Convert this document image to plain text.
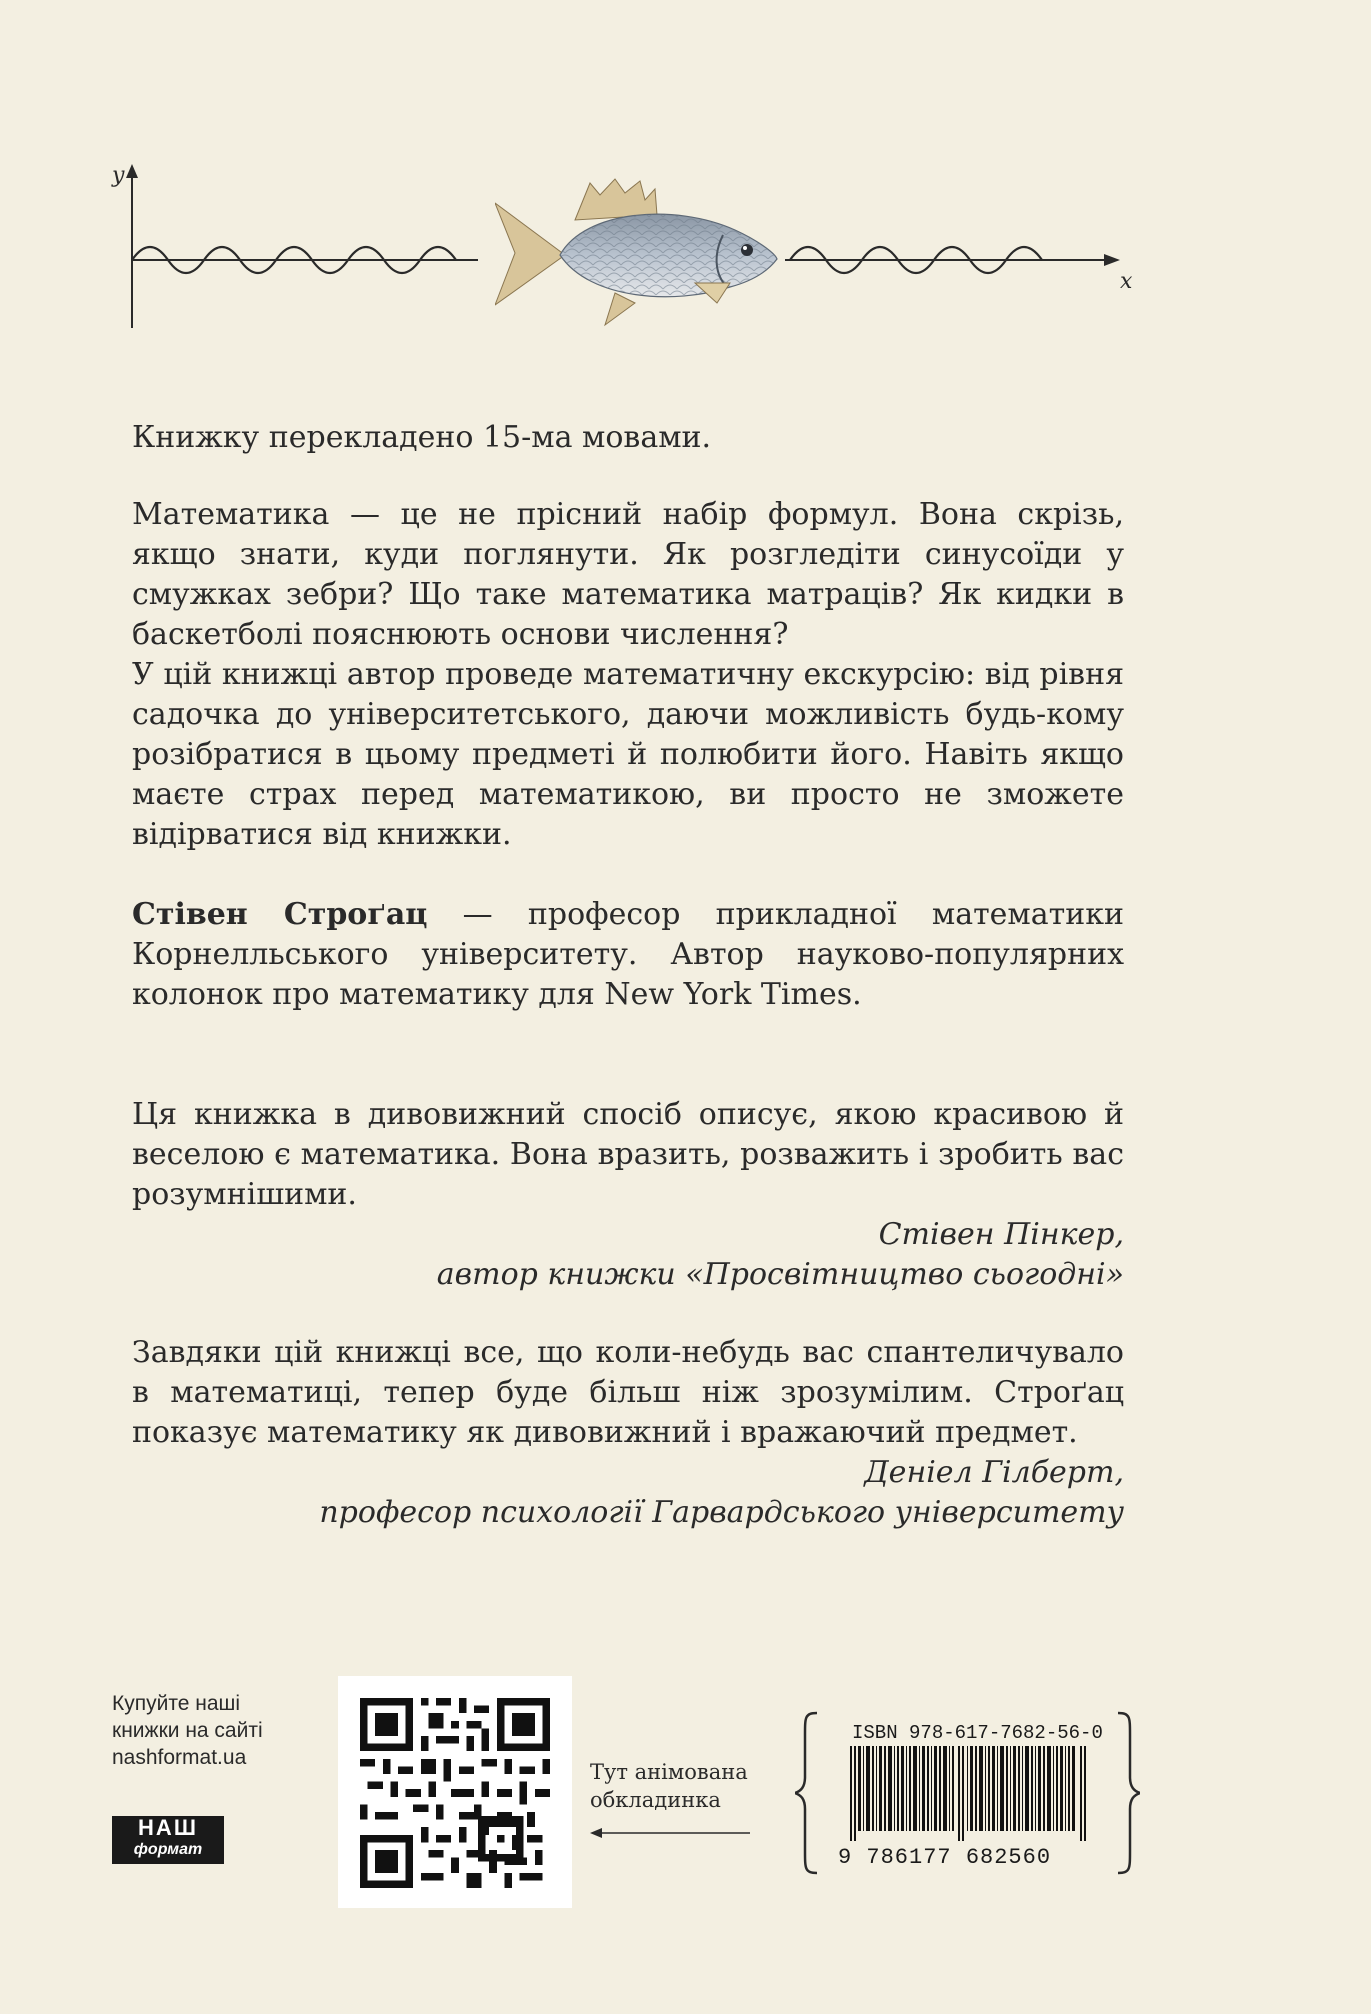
y
x

Книжку перекладено 15-ма мовами.

Математика — це не прісний набір формул. Вона скрізь, якщо знати, куди поглянути. Як розгледіти синусоїди у смужках зебри? Що таке математика матраців? Як кидки в баскетболі пояснюють основи числення?

У цій книжці автор проведе математичну екскурсію: від рівня садочка до університетського, даючи можливість будь-кому розібратися в цьому предметі й полюбити його. Навіть якщо маєте страх перед математикою, ви просто не зможете відірватися від книжки.

Стівен Строґац — професор прикладної математики Корнелльського університету. Автор науково-популярних колонок про математику для New York Times.

Ця книжка в дивовижний спосіб описує, якою красивою й веселою є математика. Вона вразить, розважить і зробить вас розумнішими.

Стівен Пінкер,
автор книжки «Просвітництво сьогодні»

Завдяки цій книжці все, що коли-небудь вас спантеличувало в математиці, тепер буде більш ніж зрозумілим. Строґац показує математику як дивовижний і вражаючий предмет.

Деніел Гілберт,
професор психології Гарвардського університету
Купуйте наші
книжки на сайті
nashformat.ua
НАШ
формат
Тут анімована
обкладинка
ISBN 978-617-7682-56-0
9 786177 682560
